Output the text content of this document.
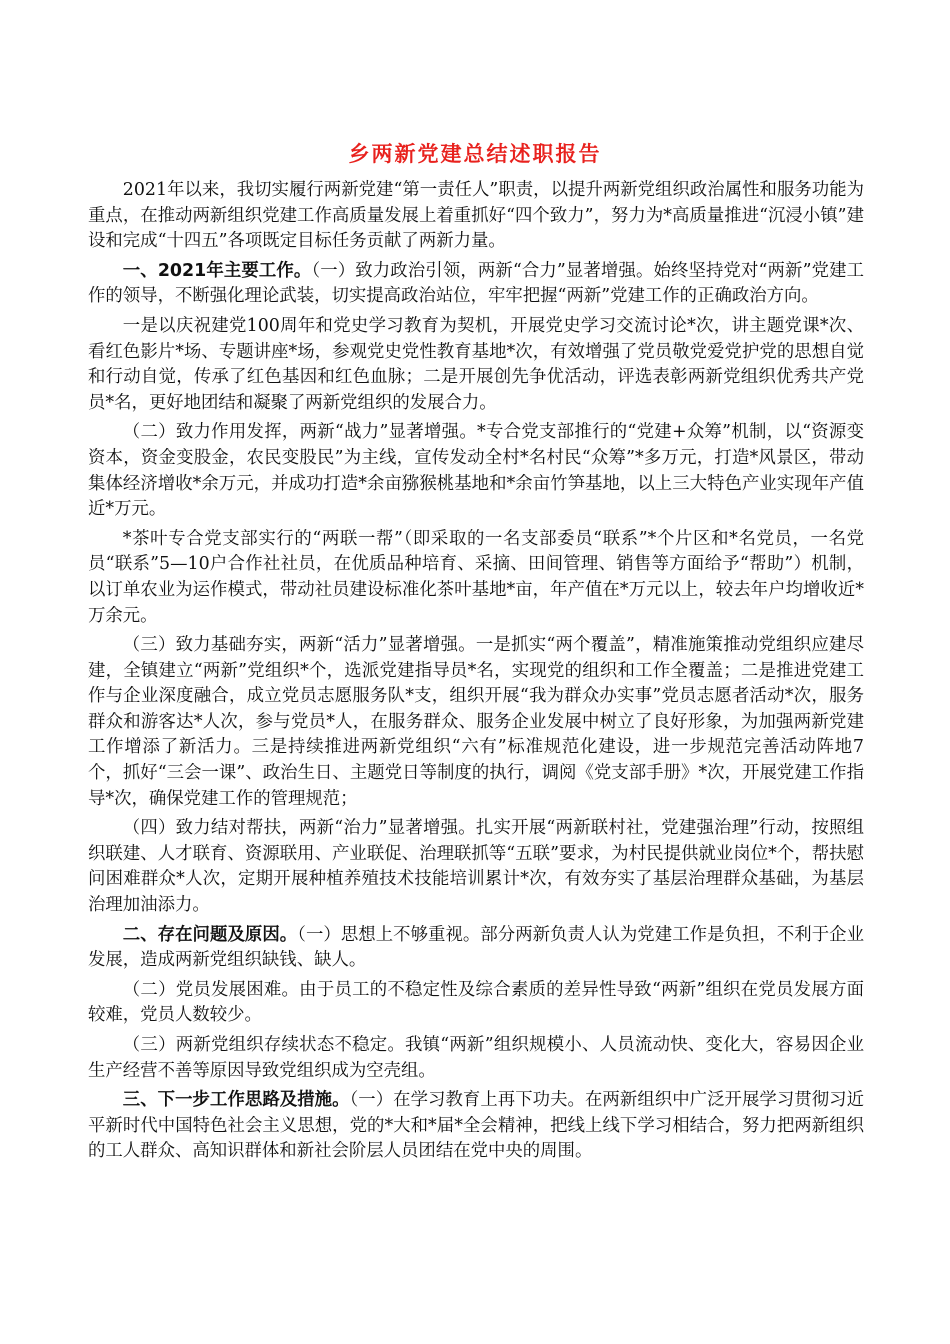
乡两新党建总结述职报告

2021年以来，我切实履行两新党建“第一责任人”职责，以提升两新党组织政治属性和服务功能为重点，在推动两新组织党建工作高质量发展上着重抓好“四个致力”，努力为*高质量推进“沉浸小镇”建设和完成“十四五”各项既定目标任务贡献了两新力量。

一、2021年主要工作。（一）致力政治引领，两新“合力”显著增强。始终坚持党对“两新”党建工作的领导，不断强化理论武装，切实提高政治站位，牢牢把握“两新”党建工作的正确政治方向。

一是以庆祝建党100周年和党史学习教育为契机，开展党史学习交流讨论*次，讲主题党课*次、看红色影片*场、专题讲座*场，参观党史党性教育基地*次，有效增强了党员敬党爱党护党的思想自觉和行动自觉，传承了红色基因和红色血脉；二是开展创先争优活动，评选表彰两新党组织优秀共产党员*名，更好地团结和凝聚了两新党组织的发展合力。

（二）致力作用发挥，两新“战力”显著增强。*专合党支部推行的“党建+众筹”机制，以“资源变资本，资金变股金，农民变股民”为主线，宣传发动全村*名村民“众筹”*多万元，打造*风景区，带动集体经济增收*余万元，并成功打造*余亩猕猴桃基地和*余亩竹笋基地，以上三大特色产业实现年产值近*万元。

*茶叶专合党支部实行的“两联一帮”（即采取的一名支部委员“联系”*个片区和*名党员，一名党员“联系”5—10户合作社社员，在优质品种培育、采摘、田间管理、销售等方面给予“帮助”）机制，以订单农业为运作模式，带动社员建设标准化茶叶基地*亩，年产值在*万元以上，较去年户均增收近*万余元。

（三）致力基础夯实，两新“活力”显著增强。一是抓实“两个覆盖”，精准施策推动党组织应建尽建，全镇建立“两新”党组织*个，选派党建指导员*名，实现党的组织和工作全覆盖；二是推进党建工作与企业深度融合，成立党员志愿服务队*支，组织开展“我为群众办实事”党员志愿者活动*次，服务群众和游客达*人次，参与党员*人，在服务群众、服务企业发展中树立了良好形象，为加强两新党建工作增添了新活力。三是持续推进两新党组织“六有”标准规范化建设，进一步规范完善活动阵地7个，抓好“三会一课”、政治生日、主题党日等制度的执行，调阅《党支部手册》*次，开展党建工作指导*次，确保党建工作的管理规范；

（四）致力结对帮扶，两新“治力”显著增强。扎实开展“两新联村社，党建强治理”行动，按照组织联建、人才联育、资源联用、产业联促、治理联抓等“五联”要求，为村民提供就业岗位*个，帮扶慰问困难群众*人次，定期开展种植养殖技术技能培训累计*次，有效夯实了基层治理群众基础，为基层治理加油添力。

二、存在问题及原因。（一）思想上不够重视。部分两新负责人认为党建工作是负担，不利于企业发展，造成两新党组织缺钱、缺人。

（二）党员发展困难。由于员工的不稳定性及综合素质的差异性导致“两新”组织在党员发展方面较难，党员人数较少。

（三）两新党组织存续状态不稳定。我镇“两新”组织规模小、人员流动快、变化大，容易因企业生产经营不善等原因导致党组织成为空壳组。

三、下一步工作思路及措施。（一）在学习教育上再下功夫。在两新组织中广泛开展学习贯彻习近平新时代中国特色社会主义思想，党的*大和*届*全会精神，把线上线下学习相结合，努力把两新组织的工人群众、高知识群体和新社会阶层人员团结在党中央的周围。
